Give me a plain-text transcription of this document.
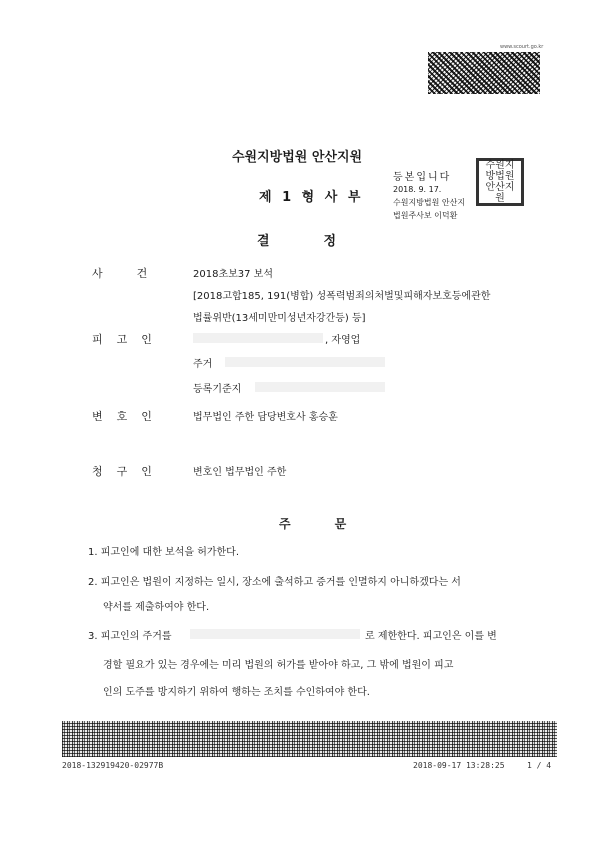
www.scourt.go.kr
수원지방법원 안산지원
제 1 형 사 부
등본입니다
2018. 9. 17.
수원지방법원 안산지
법원주사보 이덕환
수원지방법원안산지원
결정
사건 2018초보37 보석
[2018고합185, 191(병합) 성폭력범죄의처벌및피해자보호등에관한
법률위반(13세미만미성년자강간등) 등]
피고인	, 자영업
주거
등록기준지
변호인	법무법인 주한 담당변호사 홍승훈
청구인	변호인 법무법인 주한
주문
1. 피고인에 대한 보석을 허가한다.
2. 피고인은 법원이 지정하는 일시, 장소에 출석하고 증거를 인멸하지 아니하겠다는 서
약서를 제출하여야 한다.
3. 피고인의 주거를	로 제한한다. 피고인은 이를 변
경할 필요가 있는 경우에는 미리 법원의 허가를 받아야 하고, 그 밖에 법원이 피고
인의 도주를 방지하기 위하여 행하는 조치를 수인하여야 한다.
2018-132919420-02977B	2018-09-17 13:28:25	1 / 4
